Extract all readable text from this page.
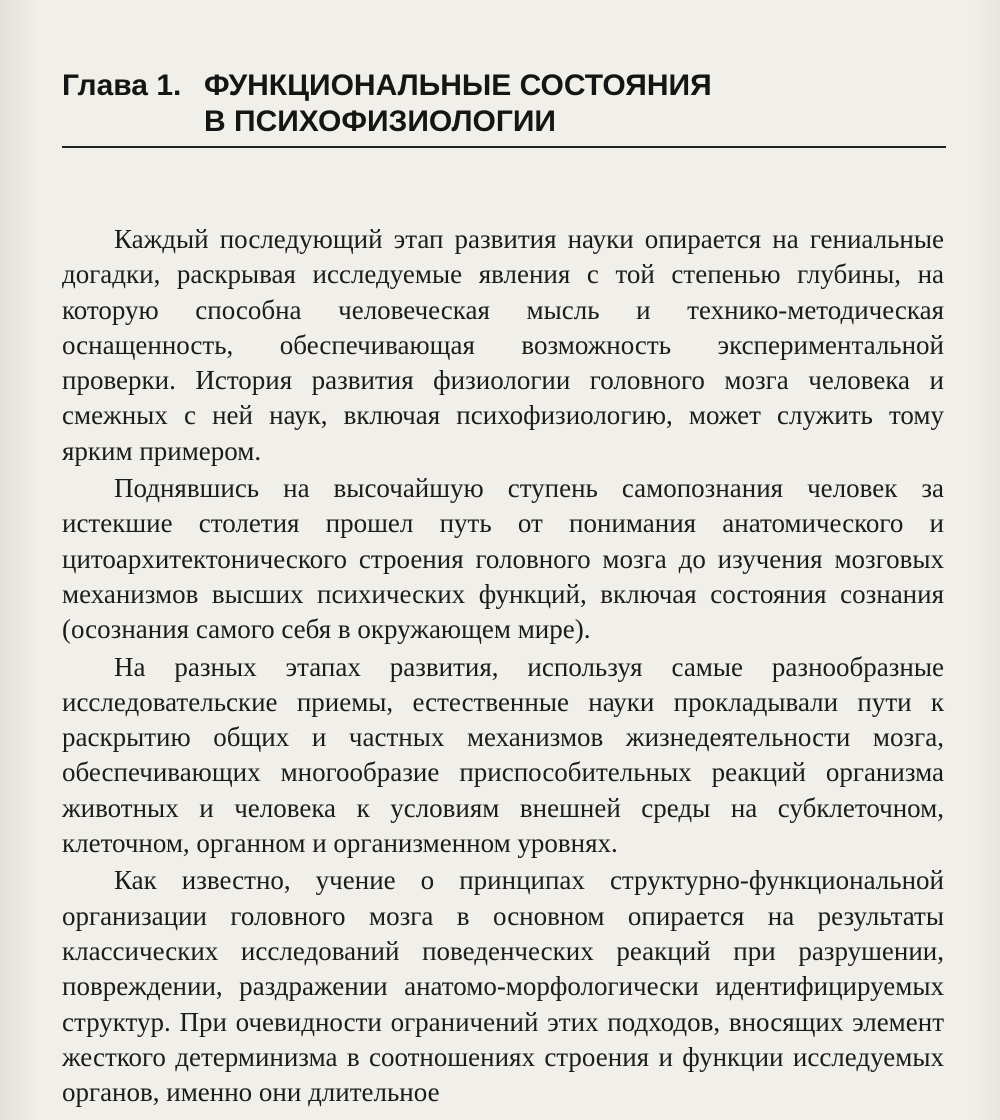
Глава 1. ФУНКЦИОНАЛЬНЫЕ СОСТОЯНИЯ
В ПСИХОФИЗИОЛОГИИ

Каждый последующий этап развития науки опирается на гениальные догадки, раскрывая исследуемые явления с той степенью глубины, на которую способна человеческая мысль и технико-методическая оснащенность, обеспечивающая возможность экспериментальной проверки. История развития физиологии головного мозга человека и смежных с ней наук, включая психофизиологию, может служить тому ярким примером.

Поднявшись на высочайшую ступень самопознания человек за истекшие столетия прошел путь от понимания анатомического и цитоархитектонического строения головного мозга до изучения мозговых механизмов высших психических функций, включая состояния сознания (осознания самого себя в окружающем мире).

На разных этапах развития, используя самые разнообразные исследовательские приемы, естественные науки прокладывали пути к раскрытию общих и частных механизмов жизнедеятельности мозга, обеспечивающих многообразие приспособительных реакций организма животных и человека к условиям внешней среды на субклеточном, клеточном, органном и организменном уровнях.

Как известно, учение о принципах структурно-функциональной организации головного мозга в основном опирается на результаты классических исследований поведенческих реакций при разрушении, повреждении, раздражении анатомо-морфологически идентифицируемых структур. При очевидности ограничений этих подходов, вносящих элемент жесткого детерминизма в соотношениях строения и функции исследуемых органов, именно они длительное
